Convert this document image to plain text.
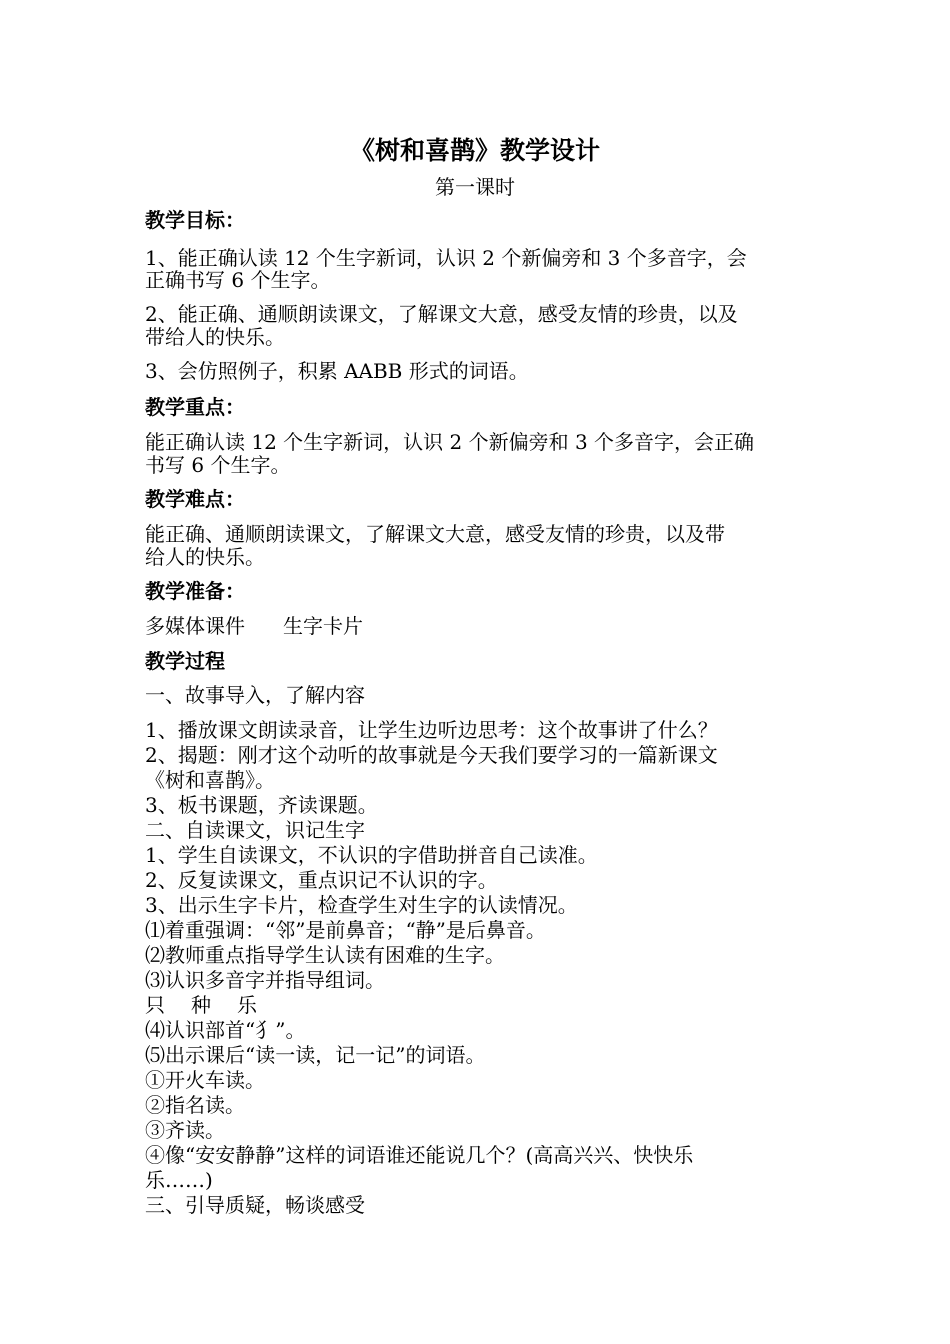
《树和喜鹊》教学设计
第一课时
教学目标：
1、能正确认读 12 个生字新词，认识 2 个新偏旁和 3 个多音字，会
正确书写 6 个生字。
2、能正确、通顺朗读课文，了解课文大意，感受友情的珍贵，以及
带给人的快乐。
3、会仿照例子，积累 AABB 形式的词语。
教学重点：
能正确认读 12 个生字新词，认识 2 个新偏旁和 3 个多音字，会正确
书写 6 个生字。
教学难点：
能正确、通顺朗读课文，了解课文大意，感受友情的珍贵，以及带
给人的快乐。
教学准备：
多媒体课件 生字卡片
教学过程
一、故事导入，了解内容
1、播放课文朗读录音，让学生边听边思考：这个故事讲了什么？
2、揭题：刚才这个动听的故事就是今天我们要学习的一篇新课文
《树和喜鹊》。
3、板书课题，齐读课题。
二、自读课文，识记生字
1、学生自读课文，不认识的字借助拼音自己读准。
2、反复读课文，重点识记不认识的字。
3、出示生字卡片，检查学生对生字的认读情况。
⑴着重强调：“邻”是前鼻音；“静”是后鼻音。
⑵教师重点指导学生认读有困难的生字。
⑶认识多音字并指导组词。
只 种 乐
⑷认识部首“犭”。
⑸出示课后“读一读，记一记”的词语。
①开火车读。
②指名读。
③齐读。
④像“安安静静”这样的词语谁还能说几个？(高高兴兴、快快乐
乐……)
三、引导质疑，畅谈感受
